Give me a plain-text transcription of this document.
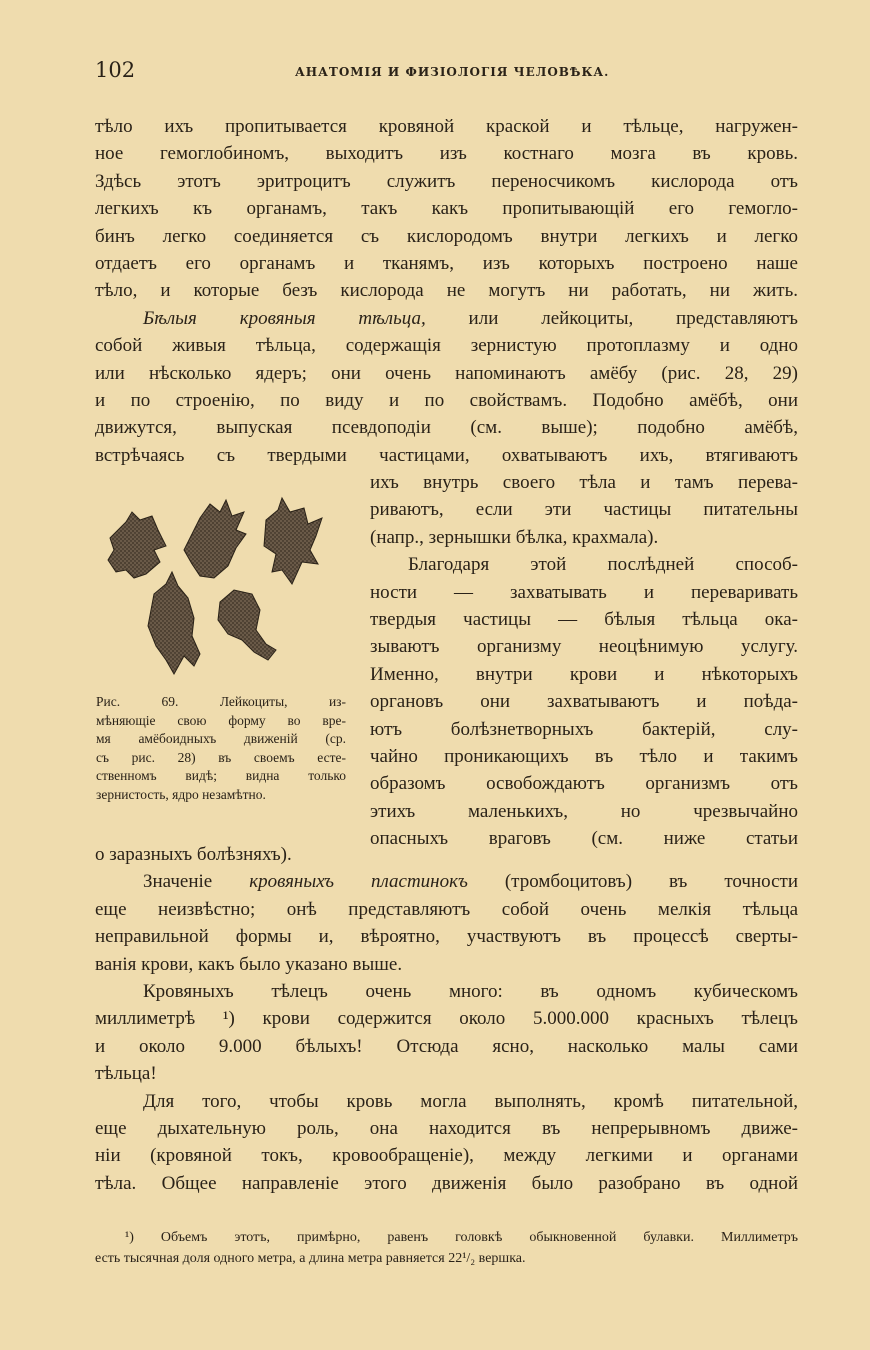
102	АНАТОМІЯ И ФИЗІОЛОГІЯ ЧЕЛОВѢКА.
тѣло ихъ пропитывается кровяной краской и тѣльце, нагружен-
ное гемоглобиномъ, выходитъ изъ костнаго мозга въ кровь.
Здѣсь этотъ эритроцитъ служитъ переносчикомъ кислорода отъ
легкихъ къ органамъ, такъ какъ пропитывающій его гемогло-
бинъ легко соединяется съ кислородомъ внутри легкихъ и легко
отдаетъ его органамъ и тканямъ, изъ которыхъ построено наше
тѣло, и которые безъ кислорода не могутъ ни работать, ни жить.
Бѣлыя кровяныя тѣльца, или лейкоциты, представляютъ
собой живыя тѣльца, содержащія зернистую протоплазму и одно
или нѣсколько ядеръ; они очень напоминаютъ амёбу (рис. 28, 29)
и по строенію, по виду и по свойствамъ. Подобно амёбѣ, они
движутся, выпуская псевдоподіи (см. выше); подобно амёбѣ,
встрѣчаясь съ твердыми частицами, охватываютъ ихъ, втягиваютъ
Рис. 69. Лейкоциты, из-
мѣняющіе свою форму во вре-
мя амёбоидныхъ движеній (ср.
съ рис. 28) въ своемъ есте-
ственномъ видѣ; видна только
зернистость, ядро незамѣтно.
ихъ внутрь своего тѣла и тамъ перева-
риваютъ, если эти частицы питательны
(напр., зернышки бѣлка, крахмала).
Благодаря этой послѣдней способ-
ности — захватывать и переваривать
твердыя частицы — бѣлыя тѣльца ока-
зываютъ организму неоцѣнимую услугу.
Именно, внутри крови и нѣкоторыхъ
органовъ они захватываютъ и поѣда-
ютъ болѣзнетворныхъ бактерій, слу-
чайно проникающихъ въ тѣло и такимъ
образомъ освобождаютъ организмъ отъ
этихъ маленькихъ, но чрезвычайно
опасныхъ враговъ (см. ниже статьи
о заразныхъ болѣзняхъ).
Значеніе кровяныхъ пластинокъ (тромбоцитовъ) въ точности
еще неизвѣстно; онѣ представляютъ собой очень мелкія тѣльца
неправильной формы и, вѣроятно, участвуютъ въ процессѣ сверты-
ванія крови, какъ было указано выше.
Кровяныхъ тѣлецъ очень много: въ одномъ кубическомъ
миллиметрѣ ¹) крови содержится около 5.000.000 красныхъ тѣлецъ
и около 9.000 бѣлыхъ! Отсюда ясно, насколько малы сами
тѣльца!
Для того, чтобы кровь могла выполнять, кромѣ питательной,
еще дыхательную роль, она находится въ непрерывномъ движе-
ніи (кровяной токъ, кровообращеніе), между легкими и органами
тѣла. Общее направленіе этого движенія было разобрано въ одной
¹) Объемъ этотъ, примѣрно, равенъ головкѣ обыкновенной булавки. Миллиметръ
есть тысячная доля одного метра, а длина метра равняется 22¹/₂ вершка.
